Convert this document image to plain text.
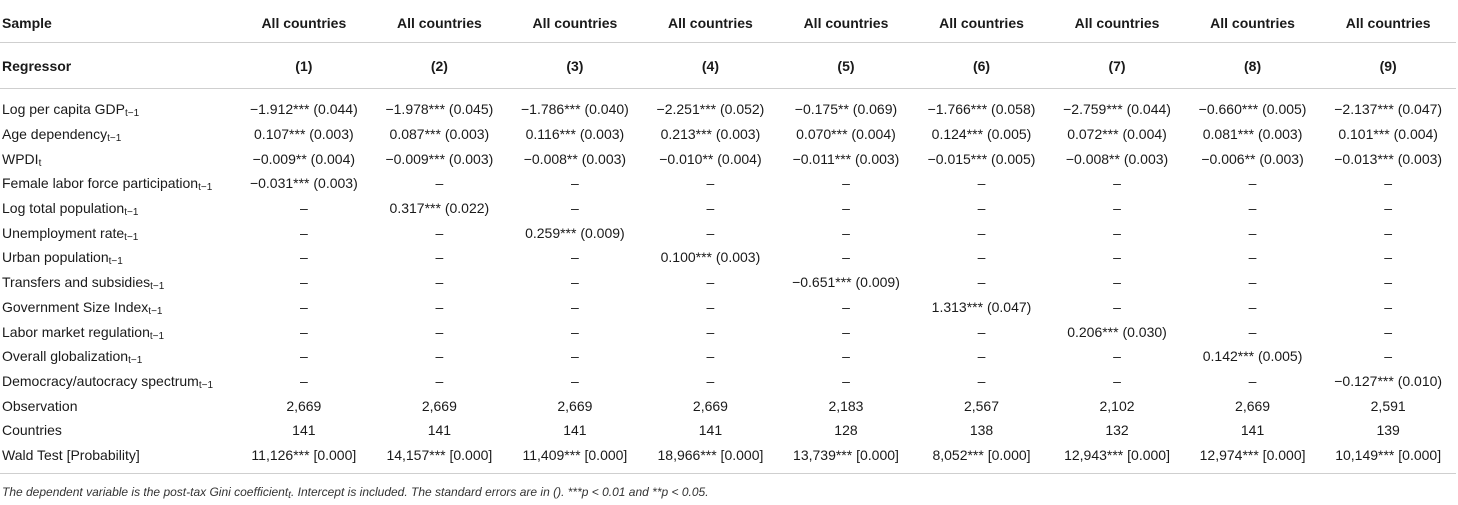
Sample	All countries	All countries	All countries	All countries	All countries	All countries	All countries	All countries	All countries
Regressor	(1)	(2)	(3)	(4)	(5)	(6)	(7)	(8)	(9)
Log per capita $GDP_{t-1}$	−1.912*** (0.044)	−1.978*** (0.045)	−1.786*** (0.040)	−2.251*** (0.052)	−0.175** (0.069)	−1.766*** (0.058)	−2.759*** (0.044)	−0.660*** (0.005)	−2.137*** (0.047)
Age dependency$_{t-1}$	0.107*** (0.003)	0.087*** (0.003)	0.116*** (0.003)	0.213*** (0.003)	0.070*** (0.004)	0.124*** (0.005)	0.072*** (0.004)	0.081*** (0.003)	0.101*** (0.004)
$WPDI_t$	−0.009** (0.004)	−0.009*** (0.003)	−0.008** (0.003)	−0.010** (0.004)	−0.011*** (0.003)	−0.015*** (0.005)	−0.008** (0.003)	−0.006** (0.003)	−0.013*** (0.003)
Female labor force participation$_{t-1}$	−0.031*** (0.003)	–	–	–	–	–	–	–	–
Log total population$_{t-1}$	–	0.317*** (0.022)	–	–	–	–	–	–	–
Unemployment rate$_{t-1}$	–	–	0.259*** (0.009)	–	–	–	–	–	–
Urban population$_{t-1}$	–	–	–	0.100*** (0.003)	–	–	–	–	–
Transfers and subsidies$_{t-1}$	–	–	–	–	−0.651*** (0.009)	–	–	–	–
Government Size Index$_{t-1}$	–	–	–	–	–	1.313*** (0.047)	–	–	–
Labor market regulation$_{t-1}$	–	–	–	–	–	–	0.206*** (0.030)	–	–
Overall globalization$_{t-1}$	–	–	–	–	–	–	–	0.142*** (0.005)	–
Democracy/autocracy spectrum$_{t-1}$	–	–	–	–	–	–	–	–	−0.127*** (0.010)
Observation	2,669	2,669	2,669	2,669	2,183	2,567	2,102	2,669	2,591
Countries	141	141	141	141	128	138	132	141	139
Wald Test [Probability]	11,126*** [0.000]	14,157*** [0.000]	11,409*** [0.000]	18,966*** [0.000]	13,739*** [0.000]	8,052*** [0.000]	12,943*** [0.000]	12,974*** [0.000]	10,149*** [0.000]
The dependent variable is the post-tax Gini coefficient$_t$. Intercept is included. The standard errors are in (). ***p < 0.01 and **p < 0.05.
